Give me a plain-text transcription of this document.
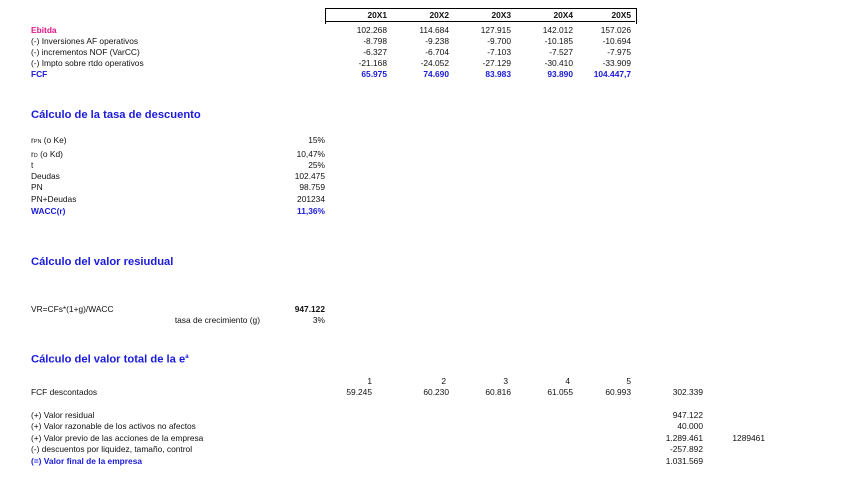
20X1	20X2	20X3	20X4	20X5
Ebitda	102.268	114.684	127.915	142.012	157.026
(-) Inversiones AF operativos	-8.798	-9.238	-9.700	-10.185	-10.694
(-) incrementos NOF (VarCC)	-6.327	-6.704	-7.103	-7.527	-7.975
(-) Impto sobre rtdo operativos	-21.168	-24.052	-27.129	-30.410	-33.909
FCF	65.975	74.690	83.983	93.890	104.447,7
Cálculo de la tasa de descuento
rPN (o Ke)	15%
rD (o Kd)	10,47%
t	25%
Deudas	102.475
PN	98.759
PN+Deudas	201234
WACC(r)	11,36%
Cálculo del valor resiudual
VR=CFs*(1+g)/WACC	947.122
tasa de crecimiento (g)	3%
Cálculo del valor total de la $e^a$
1	2	3	4	5
FCF descontados	59.245	60.230	60.816	61.055	60.993	302.339
(+) Valor residual	947.122
(+) Valor razonable de los activos no afectos	40.000
(+) Valor previo de las acciones de la empresa	1.289.461	1289461
(-) descuentos por liquidez, tamaño, control	-257.892
(=) Valor final de la empresa	1.031.569
